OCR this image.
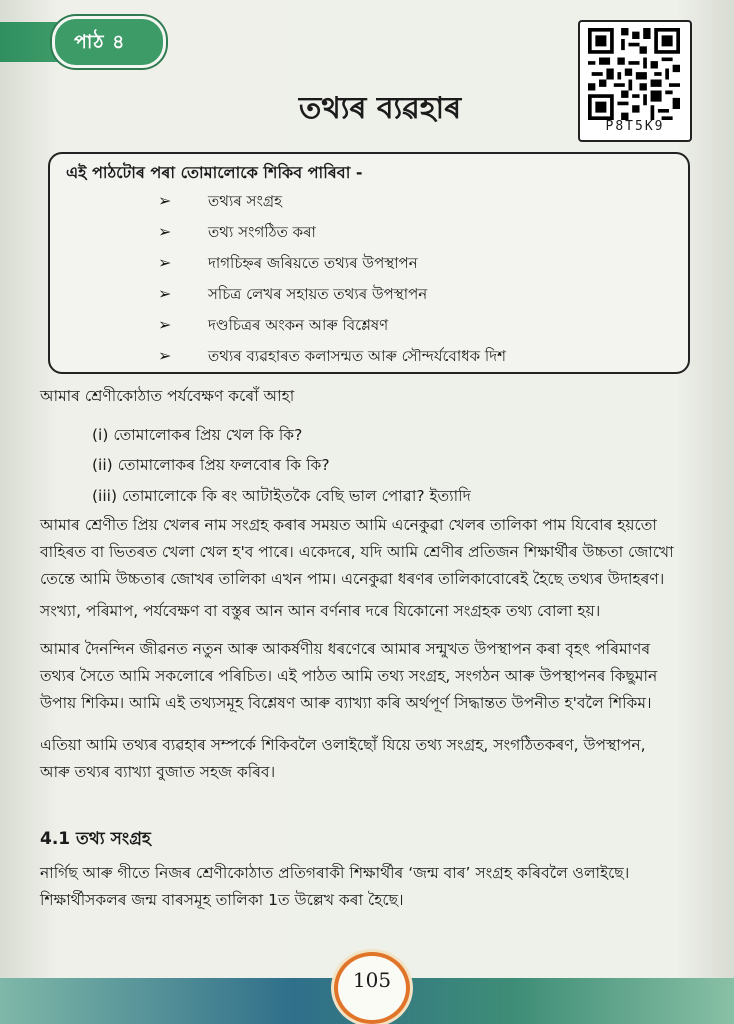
পাঠ ৪
তথ্যৰ ব্যৱহাৰ
P8T5K9
এই পাঠটোৰ পৰা তোমালোকে শিকিব পাৰিবা -
➢ তথ্যৰ সংগ্ৰহ
➢ তথ্য সংগঠিত কৰা
➢ দাগচিহ্নৰ জৰিয়তে তথ্যৰ উপস্থাপন
➢ সচিত্র লেখৰ সহায়ত তথ্যৰ উপস্থাপন
➢ দণ্ডচিত্ৰৰ অংকন আৰু বিশ্লেষণ
➢ তথ্যৰ ব্যৱহাৰত কলাসন্মত আৰু সৌন্দৰ্যবোধক দিশ
আমাৰ শ্ৰেণীকোঠাত পৰ্যবেক্ষণ কৰোঁ আহা
(i) তোমালোকৰ প্ৰিয় খেল কি কি?
(ii) তোমালোকৰ প্ৰিয় ফলবোৰ কি কি?
(iii) তোমালোকে কি ৰং আটাইতকৈ বেছি ভাল পোৱা? ইত্যাদি
আমাৰ শ্ৰেণীত প্ৰিয় খেলৰ নাম সংগ্ৰহ কৰাৰ সময়ত আমি এনেকুৱা খেলৰ তালিকা পাম যিবোৰ হয়তো
বাহিৰত বা ভিতৰত খেলা খেল হ'ব পাৰে। একেদৰে, যদি আমি শ্ৰেণীৰ প্ৰতিজন শিক্ষাৰ্থীৰ উচ্চতা জোখো
তেন্তে আমি উচ্চতাৰ জোখৰ তালিকা এখন পাম। এনেকুৱা ধৰণৰ তালিকাবোৰেই হৈছে তথ্যৰ উদাহৰণ।
সংখ্যা, পৰিমাপ, পৰ্যবেক্ষণ বা বস্তুৰ আন আন বৰ্ণনাৰ দৰে যিকোনো সংগ্ৰহক তথ্য বোলা হয়।
আমাৰ দৈনন্দিন জীৱনত নতুন আৰু আকৰ্ষণীয় ধৰণেৰে আমাৰ সন্মুখত উপস্থাপন কৰা বৃহৎ পৰিমাণৰ
তথ্যৰ সৈতে আমি সকলোৰে পৰিচিত। এই পাঠত আমি তথ্য সংগ্ৰহ, সংগঠন আৰু উপস্থাপনৰ কিছুমান
উপায় শিকিম। আমি এই তথ্যসমূহ বিশ্লেষণ আৰু ব্যাখ্যা কৰি অৰ্থপূৰ্ণ সিদ্ধান্তত উপনীত হ'বলৈ শিকিম।
এতিয়া আমি তথ্যৰ ব্যৱহাৰ সম্পৰ্কে শিকিবলৈ ওলাইছোঁ যিয়ে তথ্য সংগ্ৰহ, সংগঠিতকৰণ, উপস্থাপন,
আৰু তথ্যৰ ব্যাখ্যা বুজাত সহজ কৰিব।
4.1 তথ্য সংগ্ৰহ
নাৰ্গিছ আৰু গীতে নিজৰ শ্ৰেণীকোঠাত প্ৰতিগৰাকী শিক্ষাৰ্থীৰ ‘জন্ম বাৰ’ সংগ্ৰহ কৰিবলৈ ওলাইছে।
শিক্ষাৰ্থীসকলৰ জন্ম বাৰসমূহ তালিকা 1ত উল্লেখ কৰা হৈছে।
105
